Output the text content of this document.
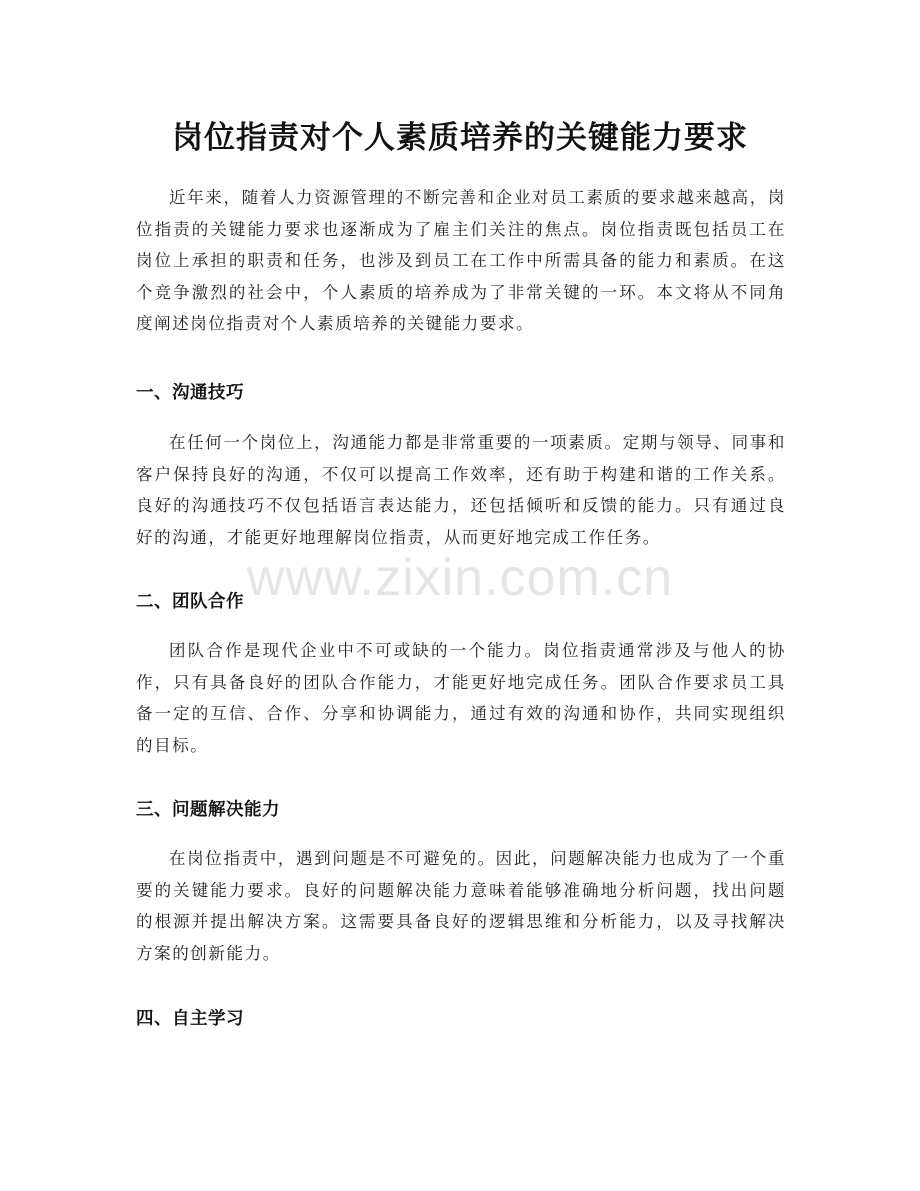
岗位指责对个人素质培养的关键能力要求

近年来，随着人力资源管理的不断完善和企业对员工素质的要求越来越高，岗位指责的关键能力要求也逐渐成为了雇主们关注的焦点。岗位指责既包括员工在岗位上承担的职责和任务，也涉及到员工在工作中所需具备的能力和素质。在这个竞争激烈的社会中，个人素质的培养成为了非常关键的一环。本文将从不同角度阐述岗位指责对个人素质培养的关键能力要求。

一、沟通技巧

在任何一个岗位上，沟通能力都是非常重要的一项素质。定期与领导、同事和客户保持良好的沟通，不仅可以提高工作效率，还有助于构建和谐的工作关系。良好的沟通技巧不仅包括语言表达能力，还包括倾听和反馈的能力。只有通过良好的沟通，才能更好地理解岗位指责，从而更好地完成工作任务。

二、团队合作

团队合作是现代企业中不可或缺的一个能力。岗位指责通常涉及与他人的协作，只有具备良好的团队合作能力，才能更好地完成任务。团队合作要求员工具备一定的互信、合作、分享和协调能力，通过有效的沟通和协作，共同实现组织的目标。

三、问题解决能力

在岗位指责中，遇到问题是不可避免的。因此，问题解决能力也成为了一个重要的关键能力要求。良好的问题解决能力意味着能够准确地分析问题，找出问题的根源并提出解决方案。这需要具备良好的逻辑思维和分析能力，以及寻找解决方案的创新能力。

四、自主学习
www.zixin.com.cn
